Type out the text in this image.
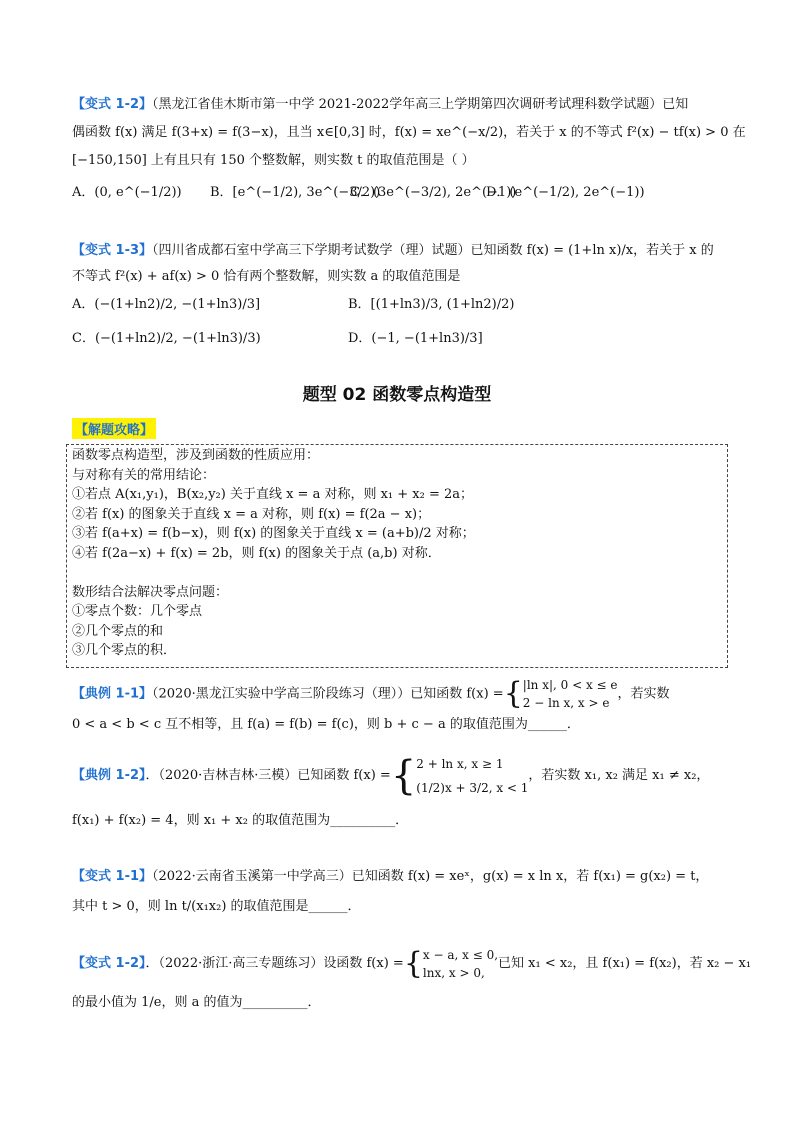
【变式 1-2】（黑龙江省佳木斯市第一中学 2021-2022学年高三上学期第四次调研考试理科数学试题）已知
偶函数 f(x) 满足 f(3+x) = f(3−x)，且当 x∈[0,3] 时，f(x) = xe^(−x/2)，若关于 x 的不等式 f²(x) − tf(x) > 0 在
[−150,150] 上有且只有 150 个整数解，则实数 t 的取值范围是（ ）
A．(0, e^(−1/2)) B．[e^(−1/2), 3e^(−3/2))
C．(3e^(−3/2), 2e^(−1))
D．(e^(−1/2), 2e^(−1))
【变式 1-3】（四川省成都石室中学高三下学期考试数学（理）试题）已知函数 f(x) = (1+ln x)/x，若关于 x 的
不等式 f²(x) + af(x) > 0 恰有两个整数解，则实数 a 的取值范围是
A．(−(1+ln2)/2, −(1+ln3)/3]	B．[(1+ln3)/3, (1+ln2)/2)
C．(−(1+ln2)/2, −(1+ln3)/3)	D．(−1, −(1+ln3)/3]
题型 02 函数零点构造型
【解题攻略】
函数零点构造型，涉及到函数的性质应用：
与对称有关的常用结论：
①若点 A(x₁,y₁)，B(x₂,y₂) 关于直线 x = a 对称，则 x₁ + x₂ = 2a；
②若 f(x) 的图象关于直线 x = a 对称，则 f(x) = f(2a − x)；
③若 f(a+x) = f(b−x)，则 f(x) 的图象关于直线 x = (a+b)/2 对称；
④若 f(2a−x) + f(x) = 2b，则 f(x) 的图象关于点 (a,b) 对称．
数形结合法解决零点问题：
①零点个数：几个零点
②几个零点的和
③几个零点的积．
【典例 1-1】（2020·黑龙江实验中学高三阶段练习（理））已知函数 f(x) ={ |ln x|, 0 < x ≤ e
2 − ln x, x > e
，若实数
0 < a < b < c 互不相等，且 f(a) = f(b) = f(c)，则 b + c − a 的取值范围为______．
【典例 1-2】．（2020·吉林吉林·三模）已知函数 f(x) ={ 2 + ln x, x ≥ 1
(1/2)x + 3/2, x < 1
，若实数 x₁, x₂ 满足 x₁ ≠ x₂，
f(x₁) + f(x₂) = 4，则 x₁ + x₂ 的取值范围为__________．
【变式 1-1】（2022·云南省玉溪第一中学高三）已知函数 f(x) = xeˣ，g(x) = x ln x，若 f(x₁) = g(x₂) = t，
其中 t > 0，则 ln t/(x₁x₂) 的取值范围是______．
【变式 1-2】．（2022·浙江·高三专题练习）设函数 f(x) ={ x − a, x ≤ 0,
lnx, x > 0,
已知 x₁ < x₂，且 f(x₁) = f(x₂)，若 x₂ − x₁
的最小值为 1/e，则 a 的值为__________．
